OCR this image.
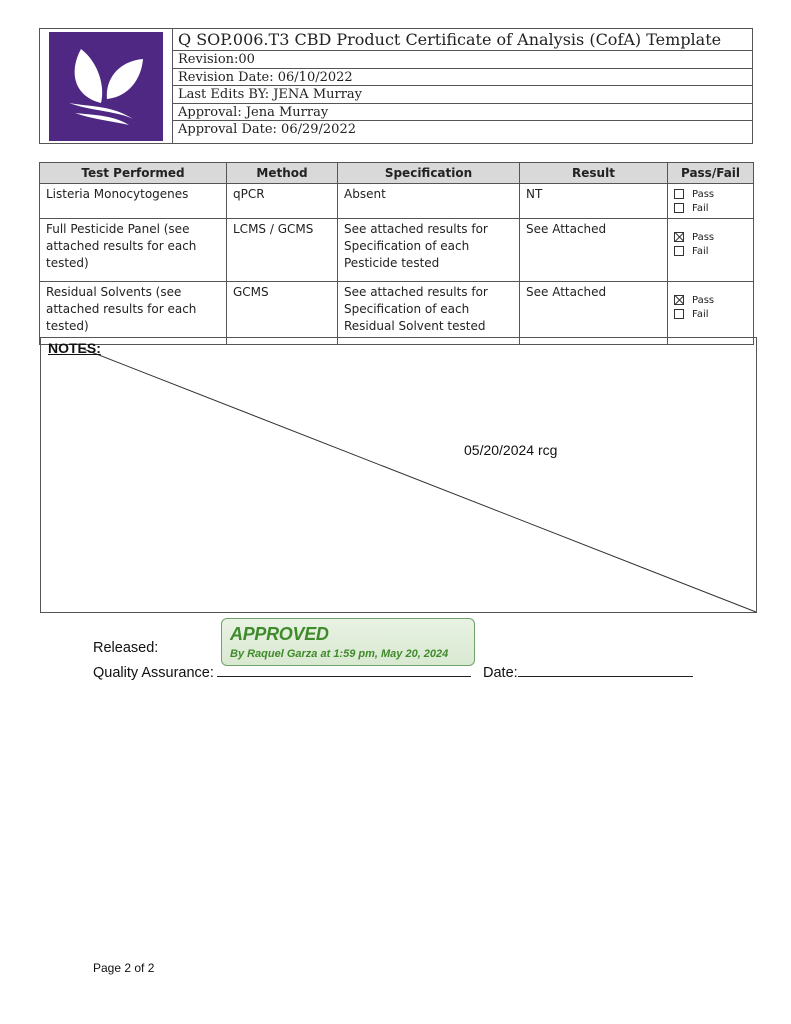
Q SOP.006.T3 CBD Product Certificate of Analysis (CofA) Template
Revision:00
Revision Date: 06/10/2022
Last Edits BY: JENA Murray
Approval: Jena Murray
Approval Date: 06/29/2022
Test Performed	Method	Specification	Result	Pass/Fail
Listeria Monocytogenes	qPCR	Absent	NT	Pass
Fail

Full Pesticide Panel (see attached results for each tested)	LCMS / GCMS	See attached results for Specification of each Pesticide tested	See Attached	Pass
Fail

Residual Solvents (see attached results for each tested)	GCMS	See attached results for Specification of each Residual Solvent tested	See Attached	Pass
Fail
NOTES:
05/20/2024 rcg
Released:
Quality Assurance:	Date:
APPROVED
By Raquel Garza at 1:59 pm, May 20, 2024
Page 2 of 2
